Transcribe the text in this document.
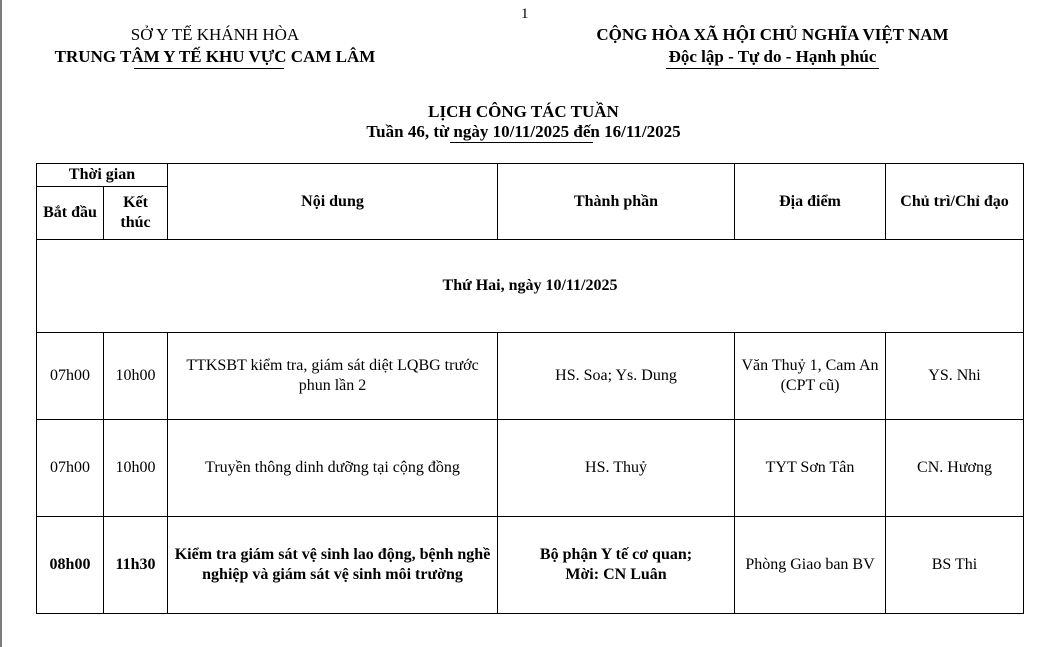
1
SỞ Y TẾ KHÁNH HÒA
TRUNG TÂM Y TẾ KHU VỰC CAM LÂM
CỘNG HÒA XÃ HỘI CHỦ NGHĨA VIỆT NAM
Độc lập - Tự do - Hạnh phúc
LỊCH CÔNG TÁC TUẦN
Tuần 46, từ ngày 10/11/2025 đến 16/11/2025
Thời gian		Nội dung	Thành phần	Địa điểm	Chủ trì/Chỉ đạo
Bắt đầu	Kết thúc				
Thứ Hai, ngày 10/11/2025					
07h00	10h00	TTKSBT kiểm tra, giám sát diệt LQBG trước phun lần 2	HS. Soa; Ys. Dung	Văn Thuỷ 1, Cam An (CPT cũ)	YS. Nhi
07h00	10h00	Truyền thông dinh dưỡng tại cộng đồng	HS. Thuỷ	TYT Sơn Tân	CN. Hương
08h00	11h30	Kiểm tra giám sát vệ sinh lao động, bệnh nghề nghiệp và giám sát vệ sinh môi trường	Bộ phận Y tế cơ quan;
Mời: CN Luân	Phòng Giao ban BV	BS Thi
